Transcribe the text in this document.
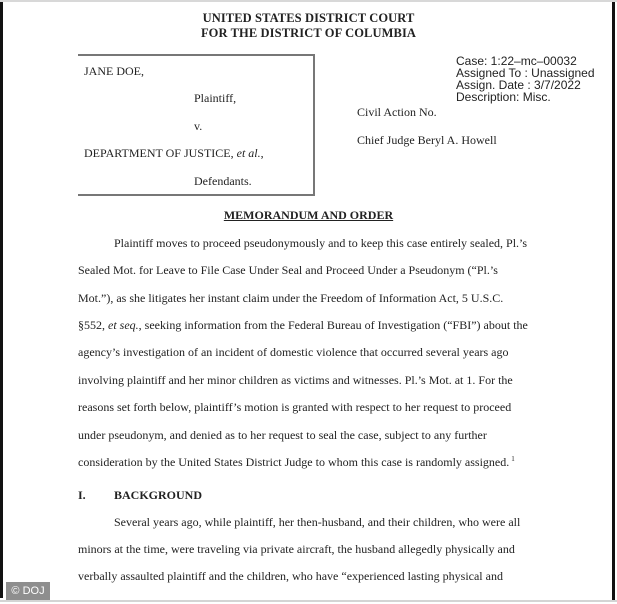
UNITED STATES DISTRICT COURT
FOR THE DISTRICT OF COLUMBIA
JANE DOE,
Plaintiff,
v.
DEPARTMENT OF JUSTICE, et al.,
Defendants.
Case: 1:22–mc–00032
Assigned To : Unassigned
Assign. Date : 3/7/2022
Description: Misc.
Civil Action No.
Chief Judge Beryl A. Howell
MEMORANDUM AND ORDER
Plaintiff moves to proceed pseudonymously and to keep this case entirely sealed, Pl.’s
Sealed Mot. for Leave to File Case Under Seal and Proceed Under a Pseudonym (“Pl.’s
Mot.”), as she litigates her instant claim under the Freedom of Information Act, 5 U.S.C.
§552, et seq., seeking information from the Federal Bureau of Investigation (“FBI”) about the
agency’s investigation of an incident of domestic violence that occurred several years ago
involving plaintiff and her minor children as victims and witnesses. Pl.’s Mot. at 1. For the
reasons set forth below, plaintiff’s motion is granted with respect to her request to proceed
under pseudonym, and denied as to her request to seal the case, subject to any further
consideration by the United States District Judge to whom this case is randomly assigned. $^1$
I. BACKGROUND
Several years ago, while plaintiff, her then-husband, and their children, who were all
minors at the time, were traveling via private aircraft, the husband allegedly physically and
verbally assaulted plaintiff and the children, who have “experienced lasting physical and
© DOJ
